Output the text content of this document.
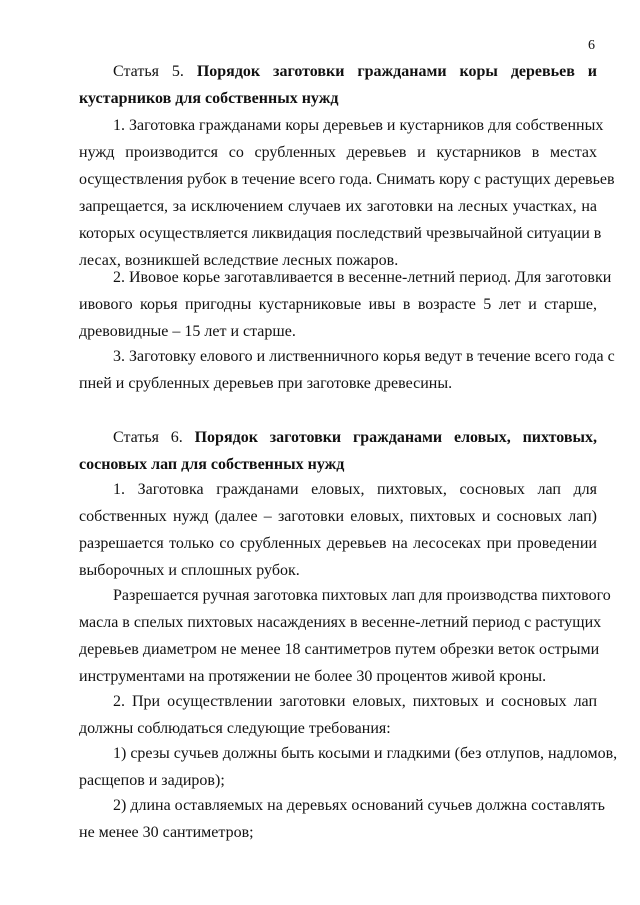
6
Статья 5. Порядок заготовки гражданами коры деревьев и
кустарников для собственных нужд
1. Заготовка гражданами коры деревьев и кустарников для собственных
нужд производится со срубленных деревьев и кустарников в местах
осуществления рубок в течение всего года. Снимать кору с растущих деревьев
запрещается, за исключением случаев их заготовки на лесных участках, на
которых осуществляется ликвидация последствий чрезвычайной ситуации в
лесах, возникшей вследствие лесных пожаров.
2. Ивовое корье заготавливается в весенне-летний период. Для заготовки
ивового корья пригодны кустарниковые ивы в возрасте 5 лет и старше,
древовидные – 15 лет и старше.
3. Заготовку елового и лиственничного корья ведут в течение всего года с
пней и срубленных деревьев при заготовке древесины.
Статья 6. Порядок заготовки гражданами еловых, пихтовых,
сосновых лап для собственных нужд
1. Заготовка гражданами еловых, пихтовых, сосновых лап для
собственных нужд (далее – заготовки еловых, пихтовых и сосновых лап)
разрешается только со срубленных деревьев на лесосеках при проведении
выборочных и сплошных рубок.
Разрешается ручная заготовка пихтовых лап для производства пихтового
масла в спелых пихтовых насаждениях в весенне-летний период с растущих
деревьев диаметром не менее 18 сантиметров путем обрезки веток острыми
инструментами на протяжении не более 30 процентов живой кроны.
2. При осуществлении заготовки еловых, пихтовых и сосновых лап
должны соблюдаться следующие требования:
1) срезы сучьев должны быть косыми и гладкими (без отлупов, надломов,
расщепов и задиров);
2) длина оставляемых на деревьях оснований сучьев должна составлять
не менее 30 сантиметров;
